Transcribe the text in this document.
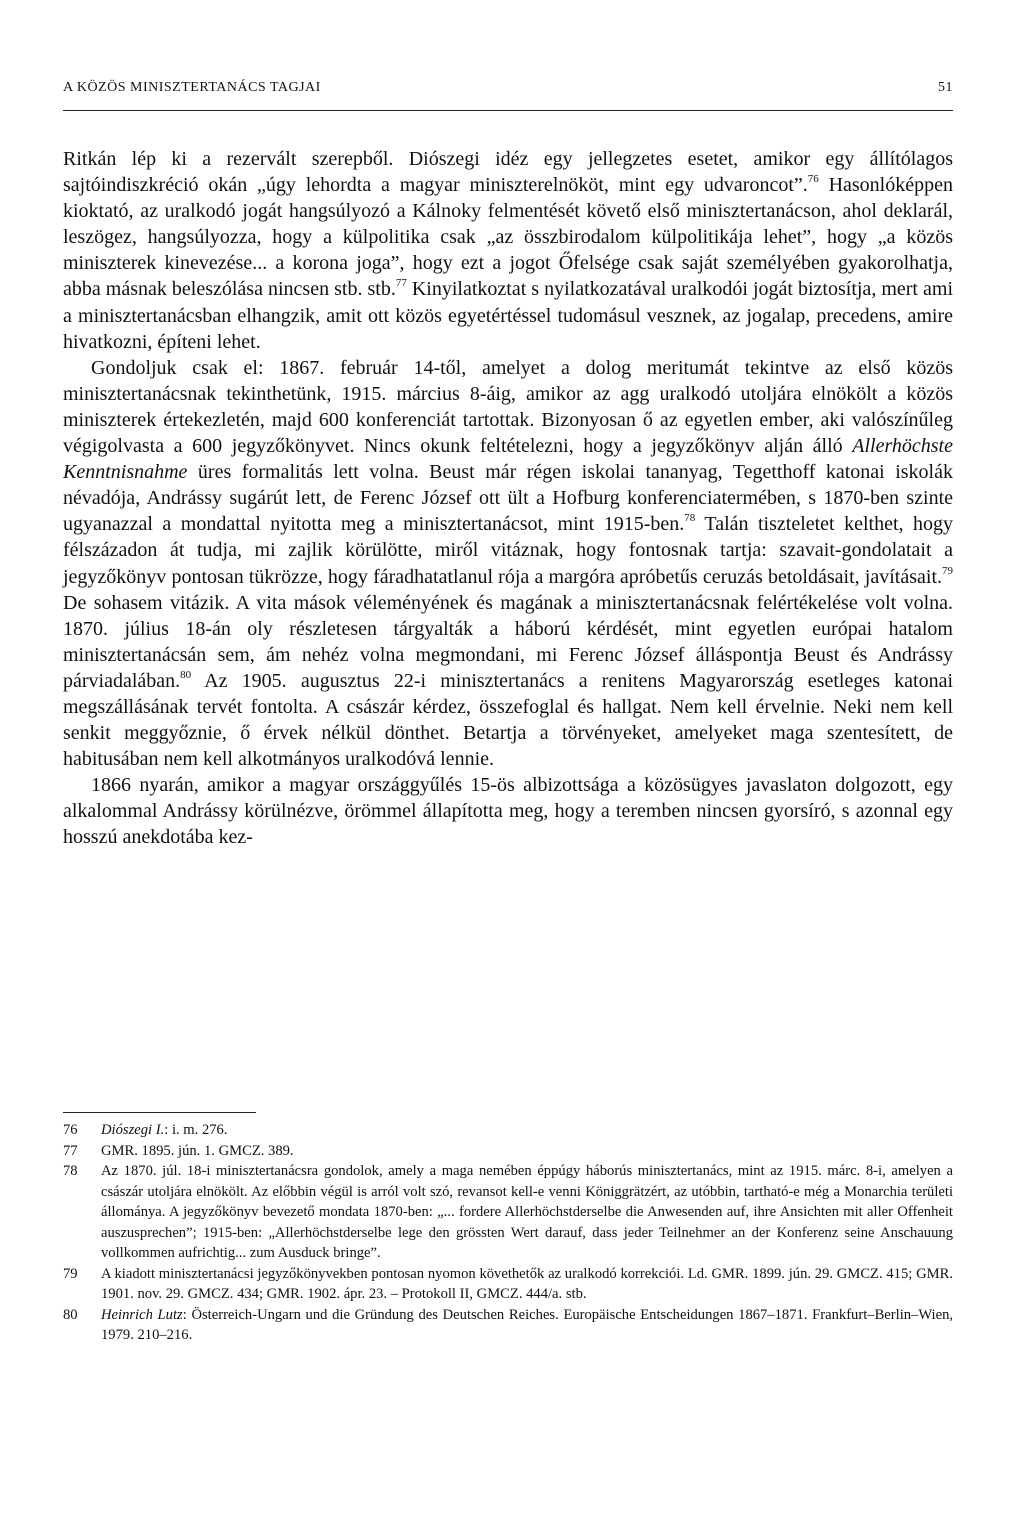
A KÖZÖS MINISZTERTANÁCS TAGJAI	51

Ritkán lép ki a rezervált szerepből. Diószegi idéz egy jellegzetes esetet, amikor egy állítólagos sajtóindiszkréció okán „úgy lehordta a magyar miniszterelnököt, mint egy udvaroncot”.$^{76}$ Hasonlóképpen kioktató, az uralkodó jogát hangsúlyozó a Kálnoky felmentését követő első minisztertanácson, ahol deklarál, leszögez, hangsúlyozza, hogy a külpolitika csak „az összbirodalom külpolitikája lehet”, hogy „a közös miniszterek kinevezése... a korona joga”, hogy ezt a jogot Őfelsége csak saját személyében gyakorolhatja, abba másnak beleszólása nincsen stb. stb.$^{77}$ Kinyilatkoztat s nyilatkozatával uralkodói jogát biztosítja, mert ami a minisztertanácsban elhangzik, amit ott közös egyetértéssel tudomásul vesznek, az jogalap, precedens, amire hivatkozni, építeni lehet.

Gondoljuk csak el: 1867. február 14-től, amelyet a dolog meritumát tekintve az első közös minisztertanácsnak tekinthetünk, 1915. március 8-áig, amikor az agg uralkodó utoljára elnökölt a közös miniszterek értekezletén, majd 600 konferenciát tartottak. Bizonyosan ő az egyetlen ember, aki valószínűleg végigolvasta a 600 jegyzőkönyvet. Nincs okunk feltételezni, hogy a jegyzőkönyv alján álló Allerhöchste Kenntnisnahme üres formalitás lett volna. Beust már régen iskolai tananyag, Tegetthoff katonai iskolák névadója, Andrássy sugárút lett, de Ferenc József ott ült a Hofburg konferenciatermében, s 1870-ben szinte ugyanazzal a mondattal nyitotta meg a minisztertanácsot, mint 1915-ben.$^{78}$ Talán tiszteletet kelthet, hogy félszázadon át tudja, mi zajlik körülötte, miről vitáznak, hogy fontosnak tartja: szavait-gondolatait a jegyzőkönyv pontosan tükrözze, hogy fáradhatatlanul rója a margóra apróbetűs ceruzás betoldásait, javításait.$^{79}$ De sohasem vitázik. A vita mások véleményének és magának a minisztertanácsnak felértékelése volt volna. 1870. július 18-án oly részletesen tárgyalták a háború kérdését, mint egyetlen európai hatalom minisztertanácsán sem, ám nehéz volna megmondani, mi Ferenc József álláspontja Beust és Andrássy párviadalában.$^{80}$ Az 1905. augusztus 22-i minisztertanács a renitens Magyarország esetleges katonai megszállásának tervét fontolta. A császár kérdez, összefoglal és hallgat. Nem kell érvelnie. Neki nem kell senkit meggyőznie, ő érvek nélkül dönthet. Betartja a törvényeket, amelyeket maga szentesített, de habitusában nem kell alkotmányos uralkodóvá lennie.

1866 nyarán, amikor a magyar országgyűlés 15-ös albizottsága a közösügyes javaslaton dolgozott, egy alkalommal Andrássy körülnézve, örömmel állapította meg, hogy a teremben nincsen gyorsíró, s azonnal egy hosszú anekdotába kez-

76 Diószegi I.: i. m. 276.
77 GMR. 1895. jún. 1. GMCZ. 389.
78 Az 1870. júl. 18-i minisztertanácsra gondolok, amely a maga nemében éppúgy háborús minisztertanács, mint az 1915. márc. 8-i, amelyen a császár utoljára elnökölt. Az előbbin végül is arról volt szó, revansot kell-e venni Königgrätzért, az utóbbin, tartható-e még a Monarchia területi állománya. A jegyzőkönyv bevezető mondata 1870-ben: „... fordere Allerhöchstderselbe die Anwesenden auf, ihre Ansichten mit aller Offenheit auszusprechen”; 1915-ben: „Allerhöchstderselbe lege den grössten Wert darauf, dass jeder Teilnehmer an der Konferenz seine Anschauung vollkommen aufrichtig... zum Ausduck bringe”.
79 A kiadott minisztertanácsi jegyzőkönyvekben pontosan nyomon követhetők az uralkodó korrekciói. Ld. GMR. 1899. jún. 29. GMCZ. 415; GMR. 1901. nov. 29. GMCZ. 434; GMR. 1902. ápr. 23. – Protokoll II, GMCZ. 444/a. stb.
80 Heinrich Lutz: Österreich-Ungarn und die Gründung des Deutschen Reiches. Europäische Entscheidungen 1867–1871. Frankfurt–Berlin–Wien, 1979. 210–216.
